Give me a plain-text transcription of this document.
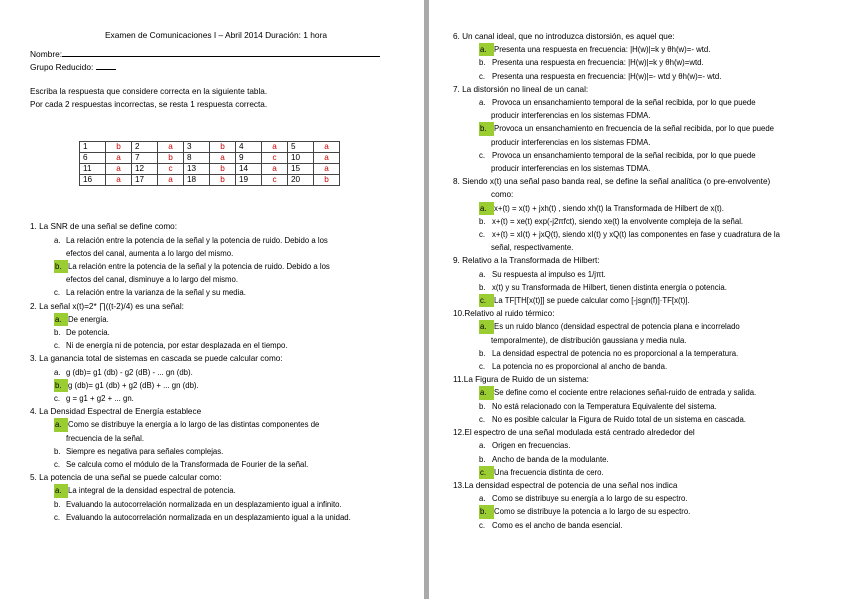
Examen de Comunicaciones I – Abril 2014 Duración: 1 hora
Nombre:
Grupo Reducido:
Escriba la respuesta que considere correcta en la siguiente tabla.
Por cada 2 respuestas incorrectas, se resta 1 respuesta correcta.
1	b	2	a	3	b	4	a	5	a
6	a	7	b	8	a	9	c	10	a
11	a	12	c	13	b	14	a	15	a
16	a	17	a	18	b	19	c	20	b
1. La SNR de una señal se define como:
a. La relación entre la potencia de la señal y la potencia de ruido. Debido a los
efectos del canal, aumenta a lo largo del mismo.
b. La relación entre la potencia de la señal y la potencia de ruido. Debido a los
efectos del canal, disminuye a lo largo del mismo.
c. La relación entre la varianza de la señal y su media.
2. La señal x(t)=2* ∏((t-2)/4) es una señal:
a. De energía.
b. De potencia.
c. Ni de energía ni de potencia, por estar desplazada en el tiempo.
3. La ganancia total de sistemas en cascada se puede calcular como:
a. g (db)= g1 (db) - g2 (dB) - ... gn (db).
b. g (db)= g1 (db) + g2 (dB) + ... gn (db).
c. g = g1 + g2 + ... gn.
4. La Densidad Espectral de Energía establece
a. Como se distribuye la energía a lo largo de las distintas componentes de
frecuencia de la señal.
b. Siempre es negativa para señales complejas.
c. Se calcula como el módulo de la Transformada de Fourier de la señal.
5. La potencia de una señal se puede calcular como:
a. La integral de la densidad espectral de potencia.
b. Evaluando la autocorrelación normalizada en un desplazamiento igual a infinito.
c. Evaluando la autocorrelación normalizada en un desplazamiento igual a la unidad.
6. Un canal ideal, que no introduzca distorsión, es aquel que:
a. Presenta una respuesta en frecuencia: |H(w)|=k y θh(w)=- wtd.
b. Presenta una respuesta en frecuencia: |H(w)|=k y θh(w)=wtd.
c. Presenta una respuesta en frecuencia: |H(w)|=- wtd y θh(w)=- wtd.
7. La distorsión no lineal de un canal:
a. Provoca un ensanchamiento temporal de la señal recibida, por lo que puede
producir interferencias en los sistemas FDMA.
b. Provoca un ensanchamiento en frecuencia de la señal recibida, por lo que puede
producir interferencias en los sistemas FDMA.
c. Provoca un ensanchamiento temporal de la señal recibida, por lo que puede
producir interferencias en los sistemas TDMA.
8. Siendo x(t) una señal paso banda real, se define la señal analítica (o pre-envolvente)
como:
a. x+(t) = x(t) + jxh(t) , siendo xh(t) la Transformada de Hilbert de x(t).
b. x+(t) = xe(t) exp(-j2πfct), siendo xe(t) la envolvente compleja de la señal.
c. x+(t) = xI(t) + jxQ(t), siendo xI(t) y xQ(t) las componentes en fase y cuadratura de la
señal, respectivamente.
9. Relativo a la Transformada de Hilbert:
a. Su respuesta al impulso es 1/jπt.
b. x(t) y su Transformada de Hilbert, tienen distinta energía o potencia.
c. La TF[TH[x(t)]] se puede calcular como [-jsgn(f)]·TF[x(t)].
10.Relativo al ruido térmico:
a. Es un ruido blanco (densidad espectral de potencia plana e incorrelado
temporalmente), de distribución gaussiana y media nula.
b. La densidad espectral de potencia no es proporcional a la temperatura.
c. La potencia no es proporcional al ancho de banda.
11.La Figura de Ruido de un sistema:
a. Se define como el cociente entre relaciones señal-ruido de entrada y salida.
b. No está relacionado con la Temperatura Equivalente del sistema.
c. No es posible calcular la Figura de Ruido total de un sistema en cascada.
12.El espectro de una señal modulada está centrado alrededor del
a. Origen en frecuencias.
b. Ancho de banda de la modulante.
c. Una frecuencia distinta de cero.
13.La densidad espectral de potencia de una señal nos indica
a. Como se distribuye su energía a lo largo de su espectro.
b. Como se distribuye la potencia a lo largo de su espectro.
c. Como es el ancho de banda esencial.
